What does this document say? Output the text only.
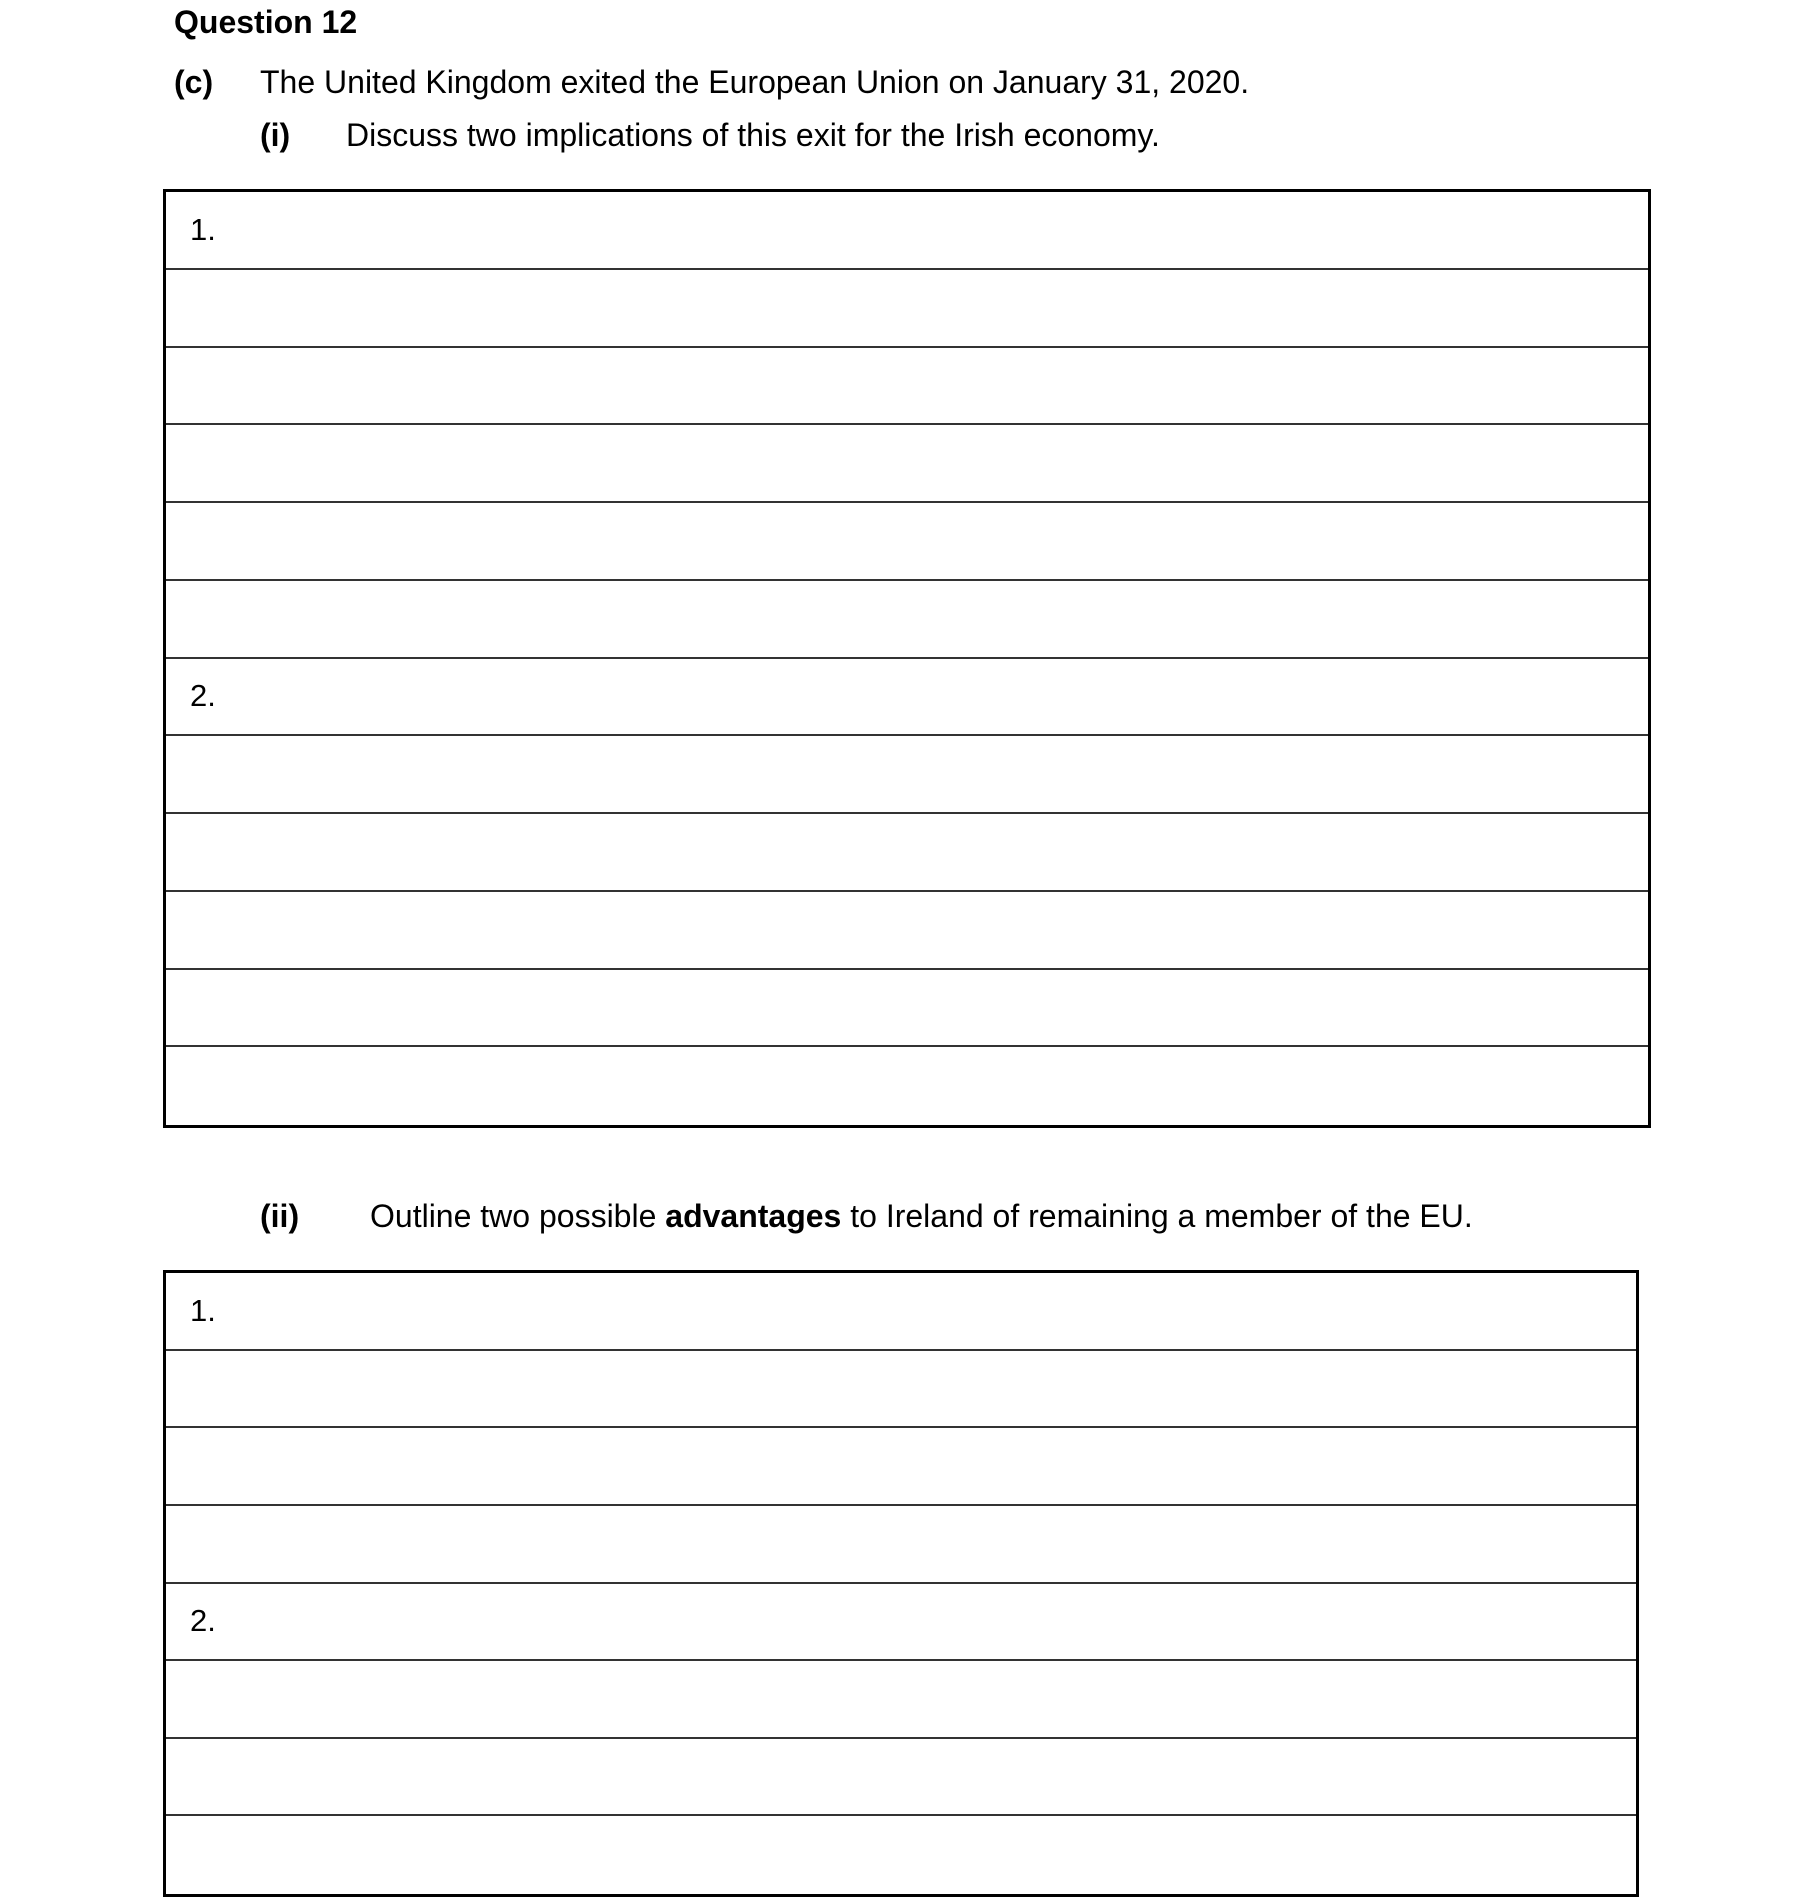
Question 12
(c) The United Kingdom exited the European Union on January 31, 2020.
(i) Discuss two implications of this exit for the Irish economy.
1.
2.
(ii) Outline two possible advantages to Ireland of remaining a member of the EU.
1.
2.
